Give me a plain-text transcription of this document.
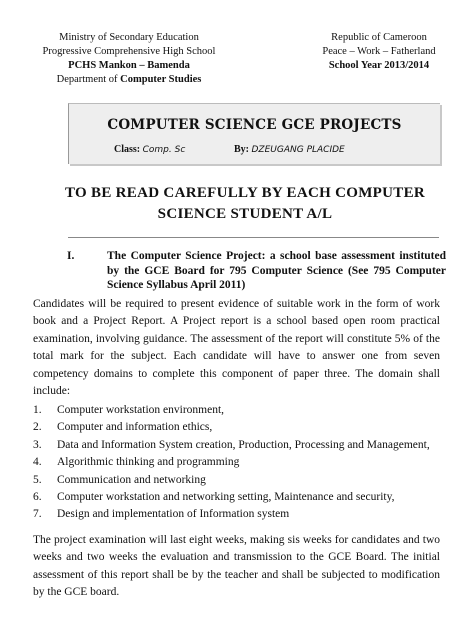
Ministry of Secondary Education
Progressive Comprehensive High School
PCHS Mankon – Bamenda
Department of Computer Studies
Republic of Cameroon
Peace – Work – Fatherland
School Year 2013/2014
COMPUTER SCIENCE GCE PROJECTS
Class: Comp. Sc	By: DZEUGANG PLACIDE
TO BE READ CAREFULLY BY EACH COMPUTER
SCIENCE STUDENT A/L
I.	The Computer Science Project: a school base assessment instituted by the GCE Board for 795 Computer Science (See 795 Computer Science Syllabus April 2011)
Candidates will be required to present evidence of suitable work in the form of work book and a Project Report. A Project report is a school based open room practical examination, involving guidance. The assessment of the report will constitute 5% of the total mark for the subject. Each candidate will have to answer one from seven competency domains to complete this component of paper three. The domain shall include:
1. Computer workstation environment,
2. Computer and information ethics,
3. Data and Information System creation, Production, Processing and Management,
4. Algorithmic thinking and programming
5. Communication and networking
6. Computer workstation and networking setting, Maintenance and security,
7. Design and implementation of Information system
The project examination will last eight weeks, making sis weeks for candidates and two weeks and two weeks the evaluation and transmission to the GCE Board. The initial assessment of this report shall be by the teacher and shall be subjected to modification by the GCE board.
